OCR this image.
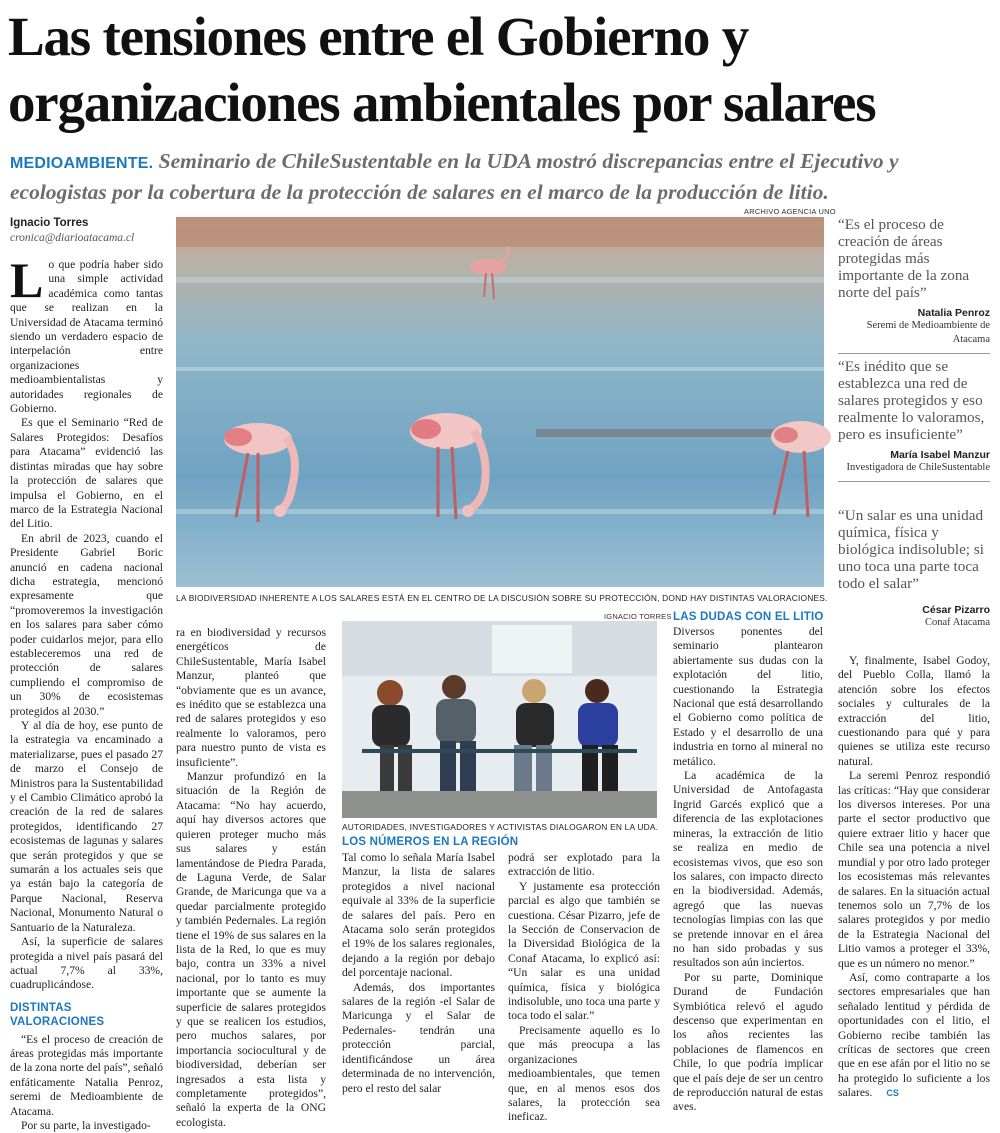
Las tensiones entre el Gobierno y
organizaciones ambientales por salares
MEDIOAMBIENTE. Seminario de ChileSustentable en la UDA mostró discrepancias entre el Ejecutivo y ecologistas por la cobertura de la protección de salares en el marco de la producción de litio.
Ignacio Torres
cronica@diarioatacama.cl
ARCHIVO AGENCIA UNO
LA BIODIVERSIDAD INHERENTE A LOS SALARES ESTÁ EN EL CENTRO DE LA DISCUSIÓN SOBRE SU PROTECCIÓN, DOND HAY DISTINTAS VALORACIONES.
IGNACIO TORRES
AUTORIDADES, INVESTIGADORES Y ACTIVISTAS DIALOGARON EN LA UDA.

Lo que podría haber sido una simple actividad académica como tantas que se realizan en la Universidad de Atacama terminó siendo un verdadero espacio de interpelación entre organizaciones medioambientalistas y autoridades regionales de Gobierno.

Es que el Seminario “Red de Salares Protegidos: Desafíos para Atacama” evidenció las distintas miradas que hay sobre la protección de salares que impulsa el Gobierno, en el marco de la Estrategia Nacional del Litio.

En abril de 2023, cuando el Presidente Gabriel Boric anunció en cadena nacional dicha estrategia, mencionó expresamente que “promoveremos la investigación en los salares para saber cómo poder cuidarlos mejor, para ello estableceremos una red de protección de salares cumpliendo el compromiso de un 30% de ecosistemas protegidos al 2030.”

Y al día de hoy, ese punto de la estrategia va encaminado a materializarse, pues el pasado 27 de marzo el Consejo de Ministros para la Sustentabilidad y el Cambio Climático aprobó la creación de la red de salares protegidos, identificando 27 ecosistemas de lagunas y salares que serán protegidos y que se sumarán a los actuales seis que ya están bajo la categoría de Parque Nacional, Reserva Nacional, Monumento Natural o Santuario de la Naturaleza.

Así, la superficie de salares protegida a nivel país pasará del actual 7,7% al 33%, cuadruplicándose.

DISTINTAS VALORACIONES

“Es el proceso de creación de áreas protegidas más importante de la zona norte del país”, señaló enfáticamente Natalia Penroz, seremi de Medioambiente de Atacama.

Por su parte, la investigado-

ra en biodiversidad y recursos energéticos de ChileSustentable, María Isabel Manzur, planteó que “obviamente que es un avance, es inédito que se establezca una red de salares protegidos y eso realmente lo valoramos, pero para nuestro punto de vista es insuficiente”.

Manzur profundizó en la situación de la Región de Atacama: “No hay acuerdo, aquí hay diversos actores que quieren proteger mucho más sus salares y están lamentándose de Piedra Parada, de Laguna Verde, de Salar Grande, de Maricunga que va a quedar parcialmente protegido y también Pedernales. La región tiene el 19% de sus salares en la lista de la Red, lo que es muy bajo, contra un 33% a nivel nacional, por lo tanto es muy importante que se aumente la superficie de salares protegidos y que se realicen los estudios, pero muchos salares, por importancia sociocultural y de biodiversidad, deberían ser ingresados a esta lista y completamente protegidos”, señaló la experta de la ONG ecologista.

LOS NÚMEROS EN LA REGIÓN

Tal como lo señala María Isabel Manzur, la lista de salares protegidos a nivel nacional equivale al 33% de la superficie de salares del país. Pero en Atacama solo serán protegidos el 19% de los salares regionales, dejando a la región por debajo del porcentaje nacional.

Además, dos importantes salares de la región -el Salar de Maricunga y el Salar de Pedernales- tendrán una protección parcial, identificándose un área determinada de no intervención, pero el resto del salar

podrá ser explotado para la extracción de litio.

Y justamente esa protección parcial es algo que también se cuestiona. César Pizarro, jefe de la Sección de Conservacion de la Diversidad Biológica de la Conaf Atacama, lo explicó así: “Un salar es una unidad química, física y biológica indisoluble, uno toca una parte y toca todo el salar.”

Precisamente aquello es lo que más preocupa a las organizaciones medioambientales, que temen que, en al menos esos dos salares, la protección sea ineficaz.

LAS DUDAS CON EL LITIO

Diversos ponentes del seminario plantearon abiertamente sus dudas con la explotación del litio, cuestionando la Estrategia Nacional que está desarrollando el Gobierno como política de Estado y el desarrollo de una industria en torno al mineral no metálico.

La académica de la Universidad de Antofagasta Ingrid Garcés explicó que a diferencia de las explotaciones mineras, la extracción de litio se realiza en medio de ecosistemas vivos, que eso son los salares, con impacto directo en la biodiversidad. Además, agregó que las nuevas tecnologías limpias con las que se pretende innovar en el área no han sido probadas y sus resultados son aún inciertos.

Por su parte, Dominique Durand de Fundación Symbiótica relevó el agudo descenso que experimentan en los años recientes las poblaciones de flamencos en Chile, lo que podría implicar que el país deje de ser un centro de reproducción natural de estas aves.

“Es el proceso de creación de áreas protegidas más importante de la zona norte del país”
Natalia Penroz
Seremi de Medioambiente de Atacama
“Es inédito que se establezca una red de salares protegidos y eso realmente lo valoramos, pero es insuficiente”
María Isabel Manzur
Investigadora de ChileSustentable
“Un salar es una unidad química, física y biológica indisoluble; si uno toca una parte toca todo el salar”
César Pizarro
Conaf Atacama

Y, finalmente, Isabel Godoy, del Pueblo Colla, llamó la atención sobre los efectos sociales y culturales de la extracción del litio, cuestionando para qué y para quienes se utiliza este recurso natural.

La seremi Penroz respondió las críticas: “Hay que considerar los diversos intereses. Por una parte el sector productivo que quiere extraer litio y hacer que Chile sea una potencia a nivel mundial y por otro lado proteger los ecosistemas más relevantes de salares. En la situación actual tenemos solo un 7,7% de los salares protegidos y por medio de la Estrategia Nacional del Litio vamos a proteger el 33%, que es un número no menor.”

Así, como contraparte a los sectores empresariales que han señalado lentitud y pérdida de oportunidades con el litio, el Gobierno recibe también las críticas de sectores que creen que en ese afán por el litio no se ha protegido lo suficiente a los salares. CS
